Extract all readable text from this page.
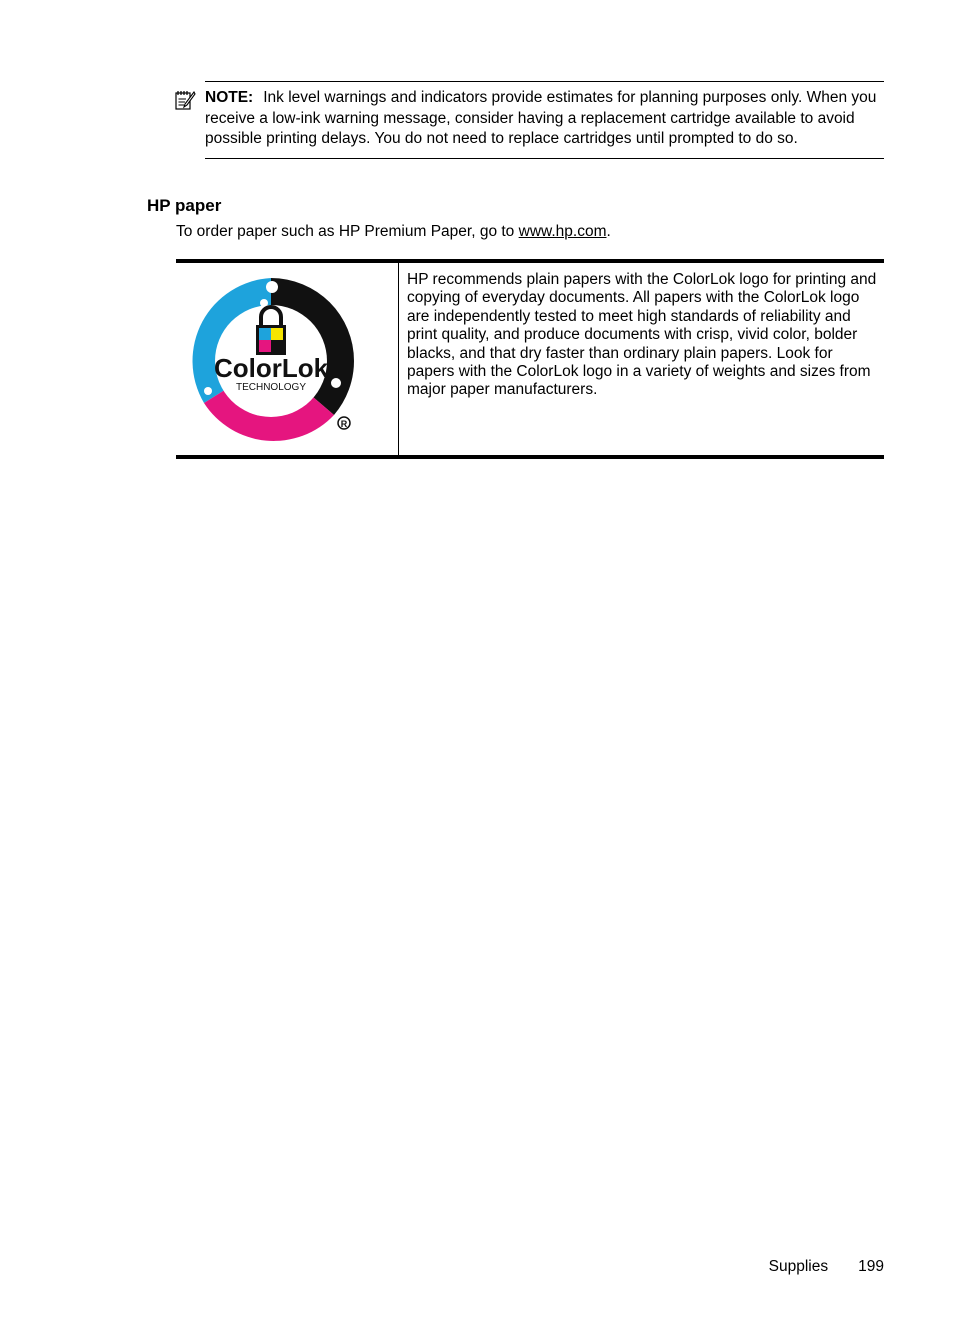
NOTE: Ink level warnings and indicators provide estimates for planning purposes only. When you receive a low-ink warning message, consider having a replacement cartridge available to avoid possible printing delays. You do not need to replace cartridges until prompted to do so.
HP paper
To order paper such as HP Premium Paper, go to www.hp.com.
ColorLok
TECHNOLOGY
R
HP recommends plain papers with the ColorLok logo for printing and copying of everyday documents. All papers with the ColorLok logo are independently tested to meet high standards of reliability and print quality, and produce documents with crisp, vivid color, bolder blacks, and that dry faster than ordinary plain papers. Look for papers with the ColorLok logo in a variety of weights and sizes from major paper manufacturers.
Supplies 199
